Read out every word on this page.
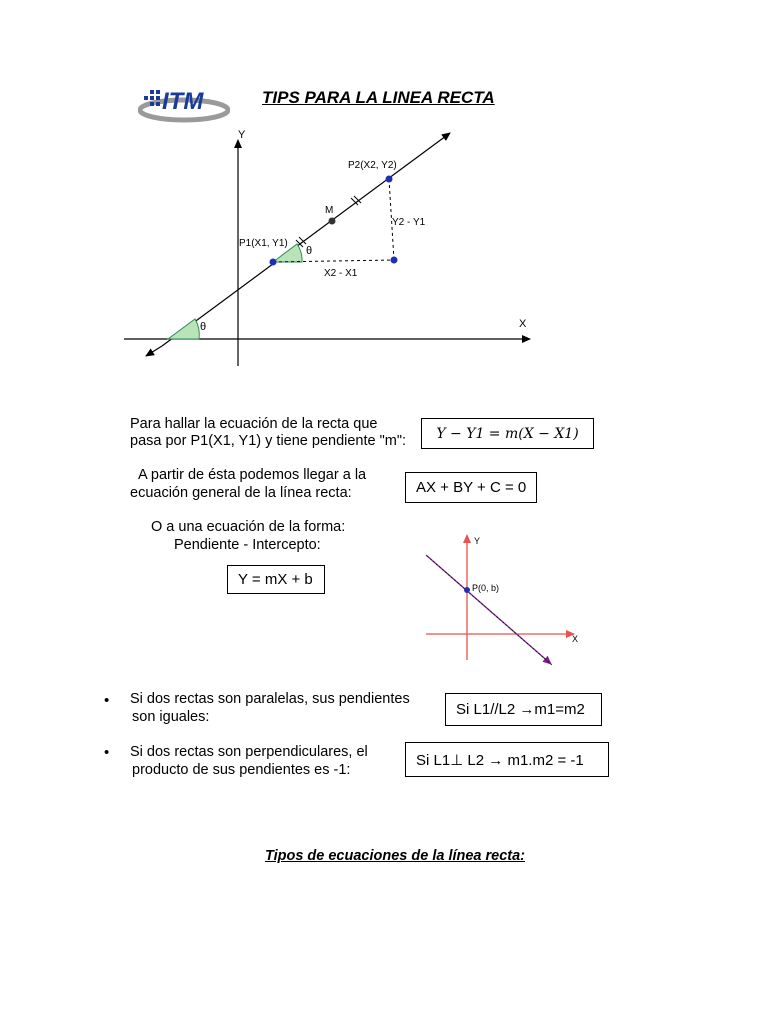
ITM	TIPS PARA LA LINEA RECTA
Y
X
θ
θ
P2(X2, Y2)
M
P1(X1, Y1)
Y2 - Y1
X2 - X1
Y
X
P(0, b)
Para hallar la ecuación de la recta que
pasa por P1(X1, Y1) y tiene pendiente "m":	Y − Y1 = m(X − X1)
A partir de ésta podemos llegar a la
ecuación general de la línea recta:	AX + BY + C = 0
O a una ecuación de la forma:
Pendiente - Intercepto:
Y = mX + b
• Si dos rectas son paralelas, sus pendientes
son iguales:	Si L1//L2 →m1=m2
• Si dos rectas son perpendiculares, el
producto de sus pendientes es -1:
Si L1⊥ L2 → m1.m2 = -1
Tipos de ecuaciones de la línea recta:
